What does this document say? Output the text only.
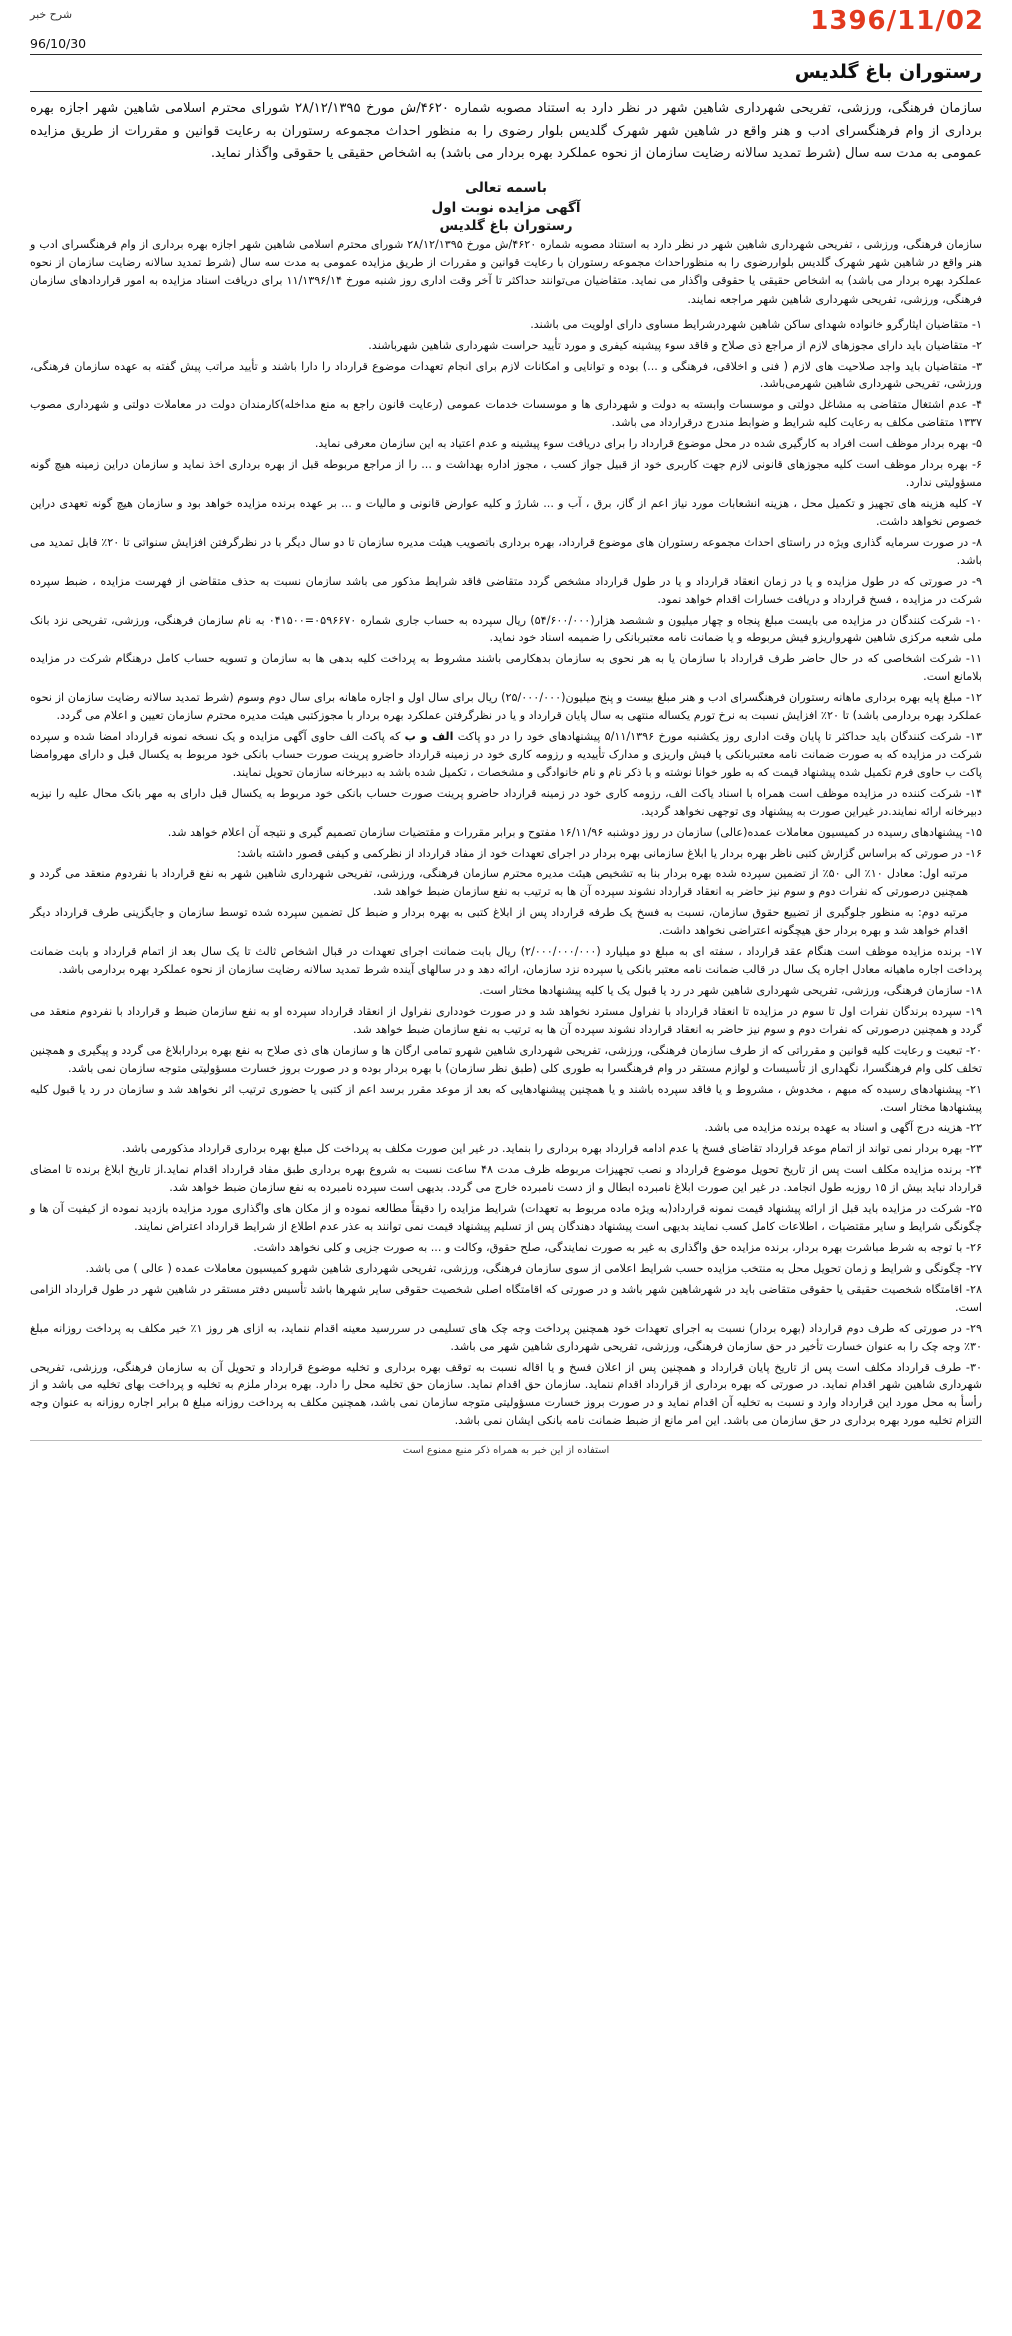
1396/11/02
شرح خبر
96/10/30
رستوران باغ گلدیس

سازمان فرهنگی، ورزشی، تفریحی شهرداری شاهین شهر در نظر دارد به استناد مصوبه شماره ۴۶۲۰/ش مورخ ۲۸/۱۲/۱۳۹۵ شورای محترم اسلامی شاهین شهر اجازه بهره برداری از وام فرهنگسرای ادب و هنر واقع در شاهین شهر شهرک گلدیس بلوار رضوی را به منظور احداث مجموعه رستوران به رعایت قوانین و مقررات از طریق مزایده عمومی به مدت سه سال (شرط تمدید سالانه رضایت سازمان از نحوه عملکرد بهره بردار می باشد) به اشخاص حقیقی یا حقوقی واگذار نماید.

باسمه تعالی
آگهی مزایده نوبت اول
رستوران باغ گلدیس

سازمان فرهنگی، ورزشی ، تفریحی شهرداری شاهین شهر در نظر دارد به استناد مصوبه شماره ۴۶۲۰/ش مورخ ۲۸/۱۲/۱۳۹۵ شورای محترم اسلامی شاهین شهر اجازه بهره برداری از وام فرهنگسرای ادب و هنر واقع در شاهین شهر شهرک گلدیس بلواررضوی را به منظوراحداث مجموعه رستوران با رعایت قوانین و مقررات از طریق مزایده عمومی به مدت سه سال (شرط تمدید سالانه رضایت سازمان از نحوه عملکرد بهره بردار می باشد) به اشخاص حقیقی یا حقوقی واگذار می نماید. متقاضیان می‌توانند حداکثر تا آخر وقت اداری روز شنبه مورخ ۱۱/۱۳۹۶/۱۴ برای دریافت اسناد مزایده به امور قراردادهای سازمان فرهنگی، ورزشی، تفریحی شهرداری شاهین شهر مراجعه نمایند.

۱- متقاضیان ایثارگرو خانواده شهدای ساکن شاهین شهردرشرایط مساوی دارای اولویت می باشند.

۲- متقاضیان باید دارای مجوزهای لازم از مراجع ذی صلاح و قاقد سوء پیشینه کیفری و مورد تأیید حراست شهرداری شاهین شهرباشند.

۳- متقاضیان باید واجد صلاحیت های لازم ( فنی و اخلاقی، فرهنگی و ...) بوده و توانایی و امکانات لازم برای انجام تعهدات موضوع قرارداد را دارا باشند و تأیید مراتب پیش گفته به عهده سازمان فرهنگی، ورزشی، تفریحی شهرداری شاهین شهرمی‌باشد.

۴- عدم اشتغال متقاضی به مشاغل دولتی و موسسات وابسته به دولت و شهرداری ها و موسسات خدمات عمومی (رعایت قانون راجع به منع مداخله)کارمندان دولت در معاملات دولتی و شهرداری مصوب ۱۳۳۷ متقاضی مکلف به رعایت کلیه شرایط و ضوابط مندرج درقرارداد می باشد.

۵- بهره بردار موظف است افراد به کارگیری شده در محل موضوع قرارداد را برای دریافت سوء پیشینه و عدم اعتیاد به این سازمان معرفی نماید.

۶- بهره بردار موظف است کلیه مجوزهای قانونی لازم جهت کاربری خود از قبیل جواز کسب ، مجوز اداره بهداشت و ... را از مراجع مربوطه قبل از بهره برداری اخذ نماید و سازمان دراین زمینه هیچ گونه مسؤولیتی ندارد.

۷- کلیه هزینه های تجهیز و تکمیل محل ، هزینه انشعابات مورد نیاز اعم از گاز، برق ، آب و ... شارژ و کلیه عوارض قانونی و مالیات و ... بر عهده برنده مزایده خواهد بود و سازمان هیچ گونه تعهدی دراین خصوص نخواهد داشت.

۸- در صورت سرمایه گذاری ویژه در راستای احداث مجموعه رستوران های موضوع قرارداد، بهره برداری باتصویب هیئت مدیره سازمان تا دو سال دیگر با در نظرگرفتن افزایش سنواتی تا ۲۰٪ قابل تمدید می باشد.

۹- در صورتی که در طول مزایده و یا در زمان انعقاد قرارداد و یا در طول قرارداد مشخص گردد متقاضی فاقد شرایط مذکور می باشد سازمان نسبت به حذف متقاضی از فهرست مزایده ، ضبط سپرده شرکت در مزایده ، فسخ قرارداد و دریافت خسارات اقدام خواهد نمود.

۱۰- شرکت کنندگان در مزایده می بایست مبلغ پنجاه و چهار میلیون و ششصد هزار(۵۴/۶۰۰/۰۰۰) ریال سپرده به حساب جاری شماره ۰۵۹۶۶۷۰=۰۴۱۵۰۰ به نام سازمان فرهنگی، ورزشی، تفریحی نزد بانک ملی شعبه مرکزی شاهین شهرواریزو فیش مربوطه و یا ضمانت نامه معتبربانکی را ضمیمه اسناد خود نماید.

۱۱- شرکت اشخاصی که در حال حاضر طرف قرارداد با سازمان یا به هر نحوی به سازمان بدهکارمی باشند مشروط به پرداخت کلیه بدهی ها به سازمان و تسویه حساب کامل درهنگام شرکت در مزایده بلامانع است.

۱۲- مبلغ پایه بهره برداری ماهانه رستوران فرهنگسرای ادب و هنر مبلغ بیست و پنج میلیون(۲۵/۰۰۰/۰۰۰) ریال برای سال اول و اجاره ماهانه برای سال دوم وسوم (شرط تمدید سالانه رضایت سازمان از نحوه عملکرد بهره بردارمی باشد) تا ۲۰٪ افزایش نسبت به نرخ تورم یکساله منتهی به سال پایان قرارداد و یا در نظرگرفتن عملکرد بهره بردار با مجوزکتبی هیئت مدیره محترم سازمان تعیین و اعلام می گردد.

۱۳- شرکت کنندگان باید حداکثر تا پایان وقت اداری روز یکشنبه مورخ ۵/۱۱/۱۳۹۶ پیشنهادهای خود را در دو پاکت الف و ب که پاکت الف حاوی آگهی مزایده و یک نسخه نمونه قرارداد امضا شده و سپرده شرکت در مزایده که به صورت ضمانت نامه معتبربانکی یا فیش واریزی و مدارک تأییدیه و رزومه کاری خود در زمینه قرارداد حاضرو پرینت صورت حساب بانکی خود مربوط به یکسال قبل و دارای مهروامضا پاکت ب حاوی فرم تکمیل شده پیشنهاد قیمت که به طور خوانا نوشته و با ذکر نام و نام خانوادگی و مشخصات ، تکمیل شده باشد به دبیرخانه سازمان تحویل نمایند.

۱۴- شرکت کننده در مزایده موظف است همراه با اسناد یاکت الف، رزومه کاری خود در زمینه قرارداد حاضرو پرینت صورت حساب بانکی خود مربوط به یکسال قبل دارای به مهر بانک محال علیه را نیزبه دبیرخانه ارائه نمایند.در غیراین صورت به پیشنهاد وی توجهی نخواهد گردید.

۱۵- پیشنهادهای رسیده در کمیسیون معاملات عمده(عالی) سازمان در روز دوشنبه ۱۶/۱۱/۹۶ مفتوح و برابر مقررات و مقتضیات سازمان تصمیم گیری و نتیجه آن اعلام خواهد شد.

۱۶- در صورتی که براساس گزارش کتبی ناظر بهره بردار یا ابلاغ سازمانی بهره بردار در اجرای تعهدات خود از مفاد قرارداد از نظرکمی و کیفی قصور داشته باشد:

مرتبه اول: معادل ۱۰٪ الی ۵۰٪ از تضمین سپرده شده بهره بردار بنا به تشخیص هیئت مدیره محترم سازمان فرهنگی، ورزشی، تفریحی شهرداری شاهین شهر به نفع قرارداد با نفردوم منعقد می گردد و همچنین درصورتی که نفرات دوم و سوم نیز حاضر به انعقاد قرارداد نشوند سپرده آن ها به ترتیب به نفع سازمان ضبط خواهد شد.

مرتبه دوم: به منظور جلوگیری از تضییع حقوق سازمان، نسبت به فسخ یک طرفه قرارداد پس از ابلاغ کتبی به بهره بردار و ضبط کل تضمین سپرده شده توسط سازمان و جایگزینی طرف قرارداد دیگر اقدام خواهد شد و بهره بردار حق هیچگونه اعتراضی نخواهد داشت.

۱۷- برنده مزایده موظف است هنگام عقد قرارداد ، سفته ای به مبلغ دو میلیارد (۲/۰۰۰/۰۰۰/۰۰۰) ریال بابت ضمانت اجرای تعهدات در قبال اشخاص ثالث تا یک سال بعد از اتمام قرارداد و بابت ضمانت پرداخت اجاره ماهیانه معادل اجاره یک سال در قالب ضمانت نامه معتبر بانکی یا سپرده نزد سازمان، ارائه دهد و در سالهای آینده شرط تمدید سالانه رضایت سازمان از نحوه عملکرد بهره بردارمی باشد.

۱۸- سازمان فرهنگی، ورزشی، تفریحی شهرداری شاهین شهر در رد یا قبول یک یا کلیه پیشنهادها مختار است.

۱۹- سپرده برندگان نفرات اول تا سوم در مزایده تا انعقاد قرارداد با نفراول مسترد نخواهد شد و در صورت خودداری نفراول از انعقاد قرارداد سپرده او به نفع سازمان ضبط و قرارداد با نفردوم منعقد می گردد و همچنین درصورتی که نفرات دوم و سوم نیز حاضر به انعقاد قرارداد نشوند سپرده آن ها به ترتیب به نفع سازمان ضبط خواهد شد.

۲۰- تبعیت و رعایت کلیه قوانین و مقرراتی که از طرف سازمان فرهنگی، ورزشی، تفریحی شهرداری شاهین شهرو تمامی ارگان ها و سازمان های ذی صلاح به نفع بهره بردارابلاغ می گردد و پیگیری و همچنین تخلف کلی وام فرهنگسرا، نگهداری از تأسیسات و لوازم مستقر در وام فرهنگسرا به طوری کلی (طبق نظر سازمان) با بهره بردار بوده و در صورت بروز خسارت مسؤولیتی متوجه سازمان نمی باشد.

۲۱- پیشنهادهای رسیده که مبهم ، مخدوش ، مشروط و یا فاقد سپرده باشند و یا همچنین پیشنهادهایی که بعد از موعد مقرر برسد اعم از کتبی یا حضوری ترتیب اثر نخواهد شد و سازمان در رد یا قبول کلیه پیشنهادها مختار است.

۲۲- هزینه درج آگهی و اسناد به عهده برنده مزایده می باشد.

۲۳- بهره بردار نمی تواند از اتمام موعد قرارداد تقاضای فسخ یا عدم ادامه قرارداد بهره برداری را بنماید. در غیر این صورت مکلف به پرداخت کل مبلغ بهره برداری قرارداد مذکورمی باشد.

۲۴- برنده مزایده مکلف است پس از تاریخ تحویل موضوع قرارداد و نصب تجهیزات مربوطه ظرف مدت ۴۸ ساعت نسبت به شروع بهره برداری طبق مفاد قرارداد اقدام نماید.از تاریخ ابلاغ برنده تا امضای قرارداد نباید بیش از ۱۵ روزبه طول انجامد. در غیر این صورت ابلاغ نامبرده ابطال و از دست نامبرده خارج می گردد. بدیهی است سپرده نامبرده به نفع سازمان ضبط خواهد شد.

۲۵- شرکت در مزایده باید قبل از ارائه پیشنهاد قیمت نمونه قرارداد(به ویژه ماده مربوط به تعهدات) شرایط مزایده را دقیقاً مطالعه نموده و از مکان های واگذاری مورد مزایده بازدید نموده از کیفیت آن ها و چگونگی شرایط و سایر مقتضیات ، اطلاعات کامل کسب نمایند بدیهی است پیشنهاد دهندگان پس از تسلیم پیشنهاد قیمت نمی توانند به عذر عدم اطلاع از شرایط قرارداد اعتراض نمایند.

۲۶- با توجه به شرط مباشرت بهره بردار، برنده مزایده حق واگذاری به غیر به صورت نمایندگی، صلح حقوق، وکالت و ... به صورت جزیی و کلی نخواهد داشت.

۲۷- چگونگی و شرایط و زمان تحویل محل به منتخب مزایده حسب شرایط اعلامی از سوی سازمان فرهنگی، ورزشی، تفریحی شهرداری شاهین شهرو کمیسیون معاملات عمده ( عالی ) می باشد.

۲۸- اقامتگاه شخصیت حقیقی یا حقوقی متقاضی باید در شهرشاهین شهر باشد و در صورتی که اقامتگاه اصلی شخصیت حقوقی سایر شهرها باشد تأسیس دفتر مستقر در شاهین شهر در طول قرارداد الزامی است.

۲۹- در صورتی که طرف دوم قرارداد (بهره بردار) نسبت به اجرای تعهدات خود همچنین پرداخت وجه چک های تسلیمی در سررسید معینه اقدام ننماید، به ازای هر روز ۱٪ خیر مکلف به پرداخت روزانه مبلغ ۳۰٪ وجه چک را به عنوان خسارت تأخیر در حق سازمان فرهنگی، ورزشی، تفریحی شهرداری شاهین شهر می باشد.

۳۰- طرف قرارداد مکلف است پس از تاریخ پایان قرارداد و همچنین پس از اعلان فسخ و یا اقاله نسبت به توقف بهره برداری و تخلیه موضوع قرارداد و تحویل آن به سازمان فرهنگی، ورزشی، تفریحی شهرداری شاهین شهر اقدام نماید. در صورتی که بهره برداری از قرارداد اقدام ننماید. سازمان حق اقدام نماید. سازمان حق تخلیه محل را دارد. بهره بردار ملزم به تخلیه و پرداخت بهای تخلیه می باشد و از رأسأ به محل مورد این قرارداد وارد و نسبت به تخلیه آن اقدام نماید و در صورت بروز خسارت مسؤولیتی متوجه سازمان نمی باشد، همچنین مکلف به پرداخت روزانه مبلغ ۵ برابر اجاره روزانه به عنوان وجه التزام تخلیه مورد بهره برداری در حق سازمان می باشد. این امر مانع از ضبط ضمانت نامه بانکی ایشان نمی باشد.

استفاده از این خبر به همراه ذکر منبع ممنوع است
